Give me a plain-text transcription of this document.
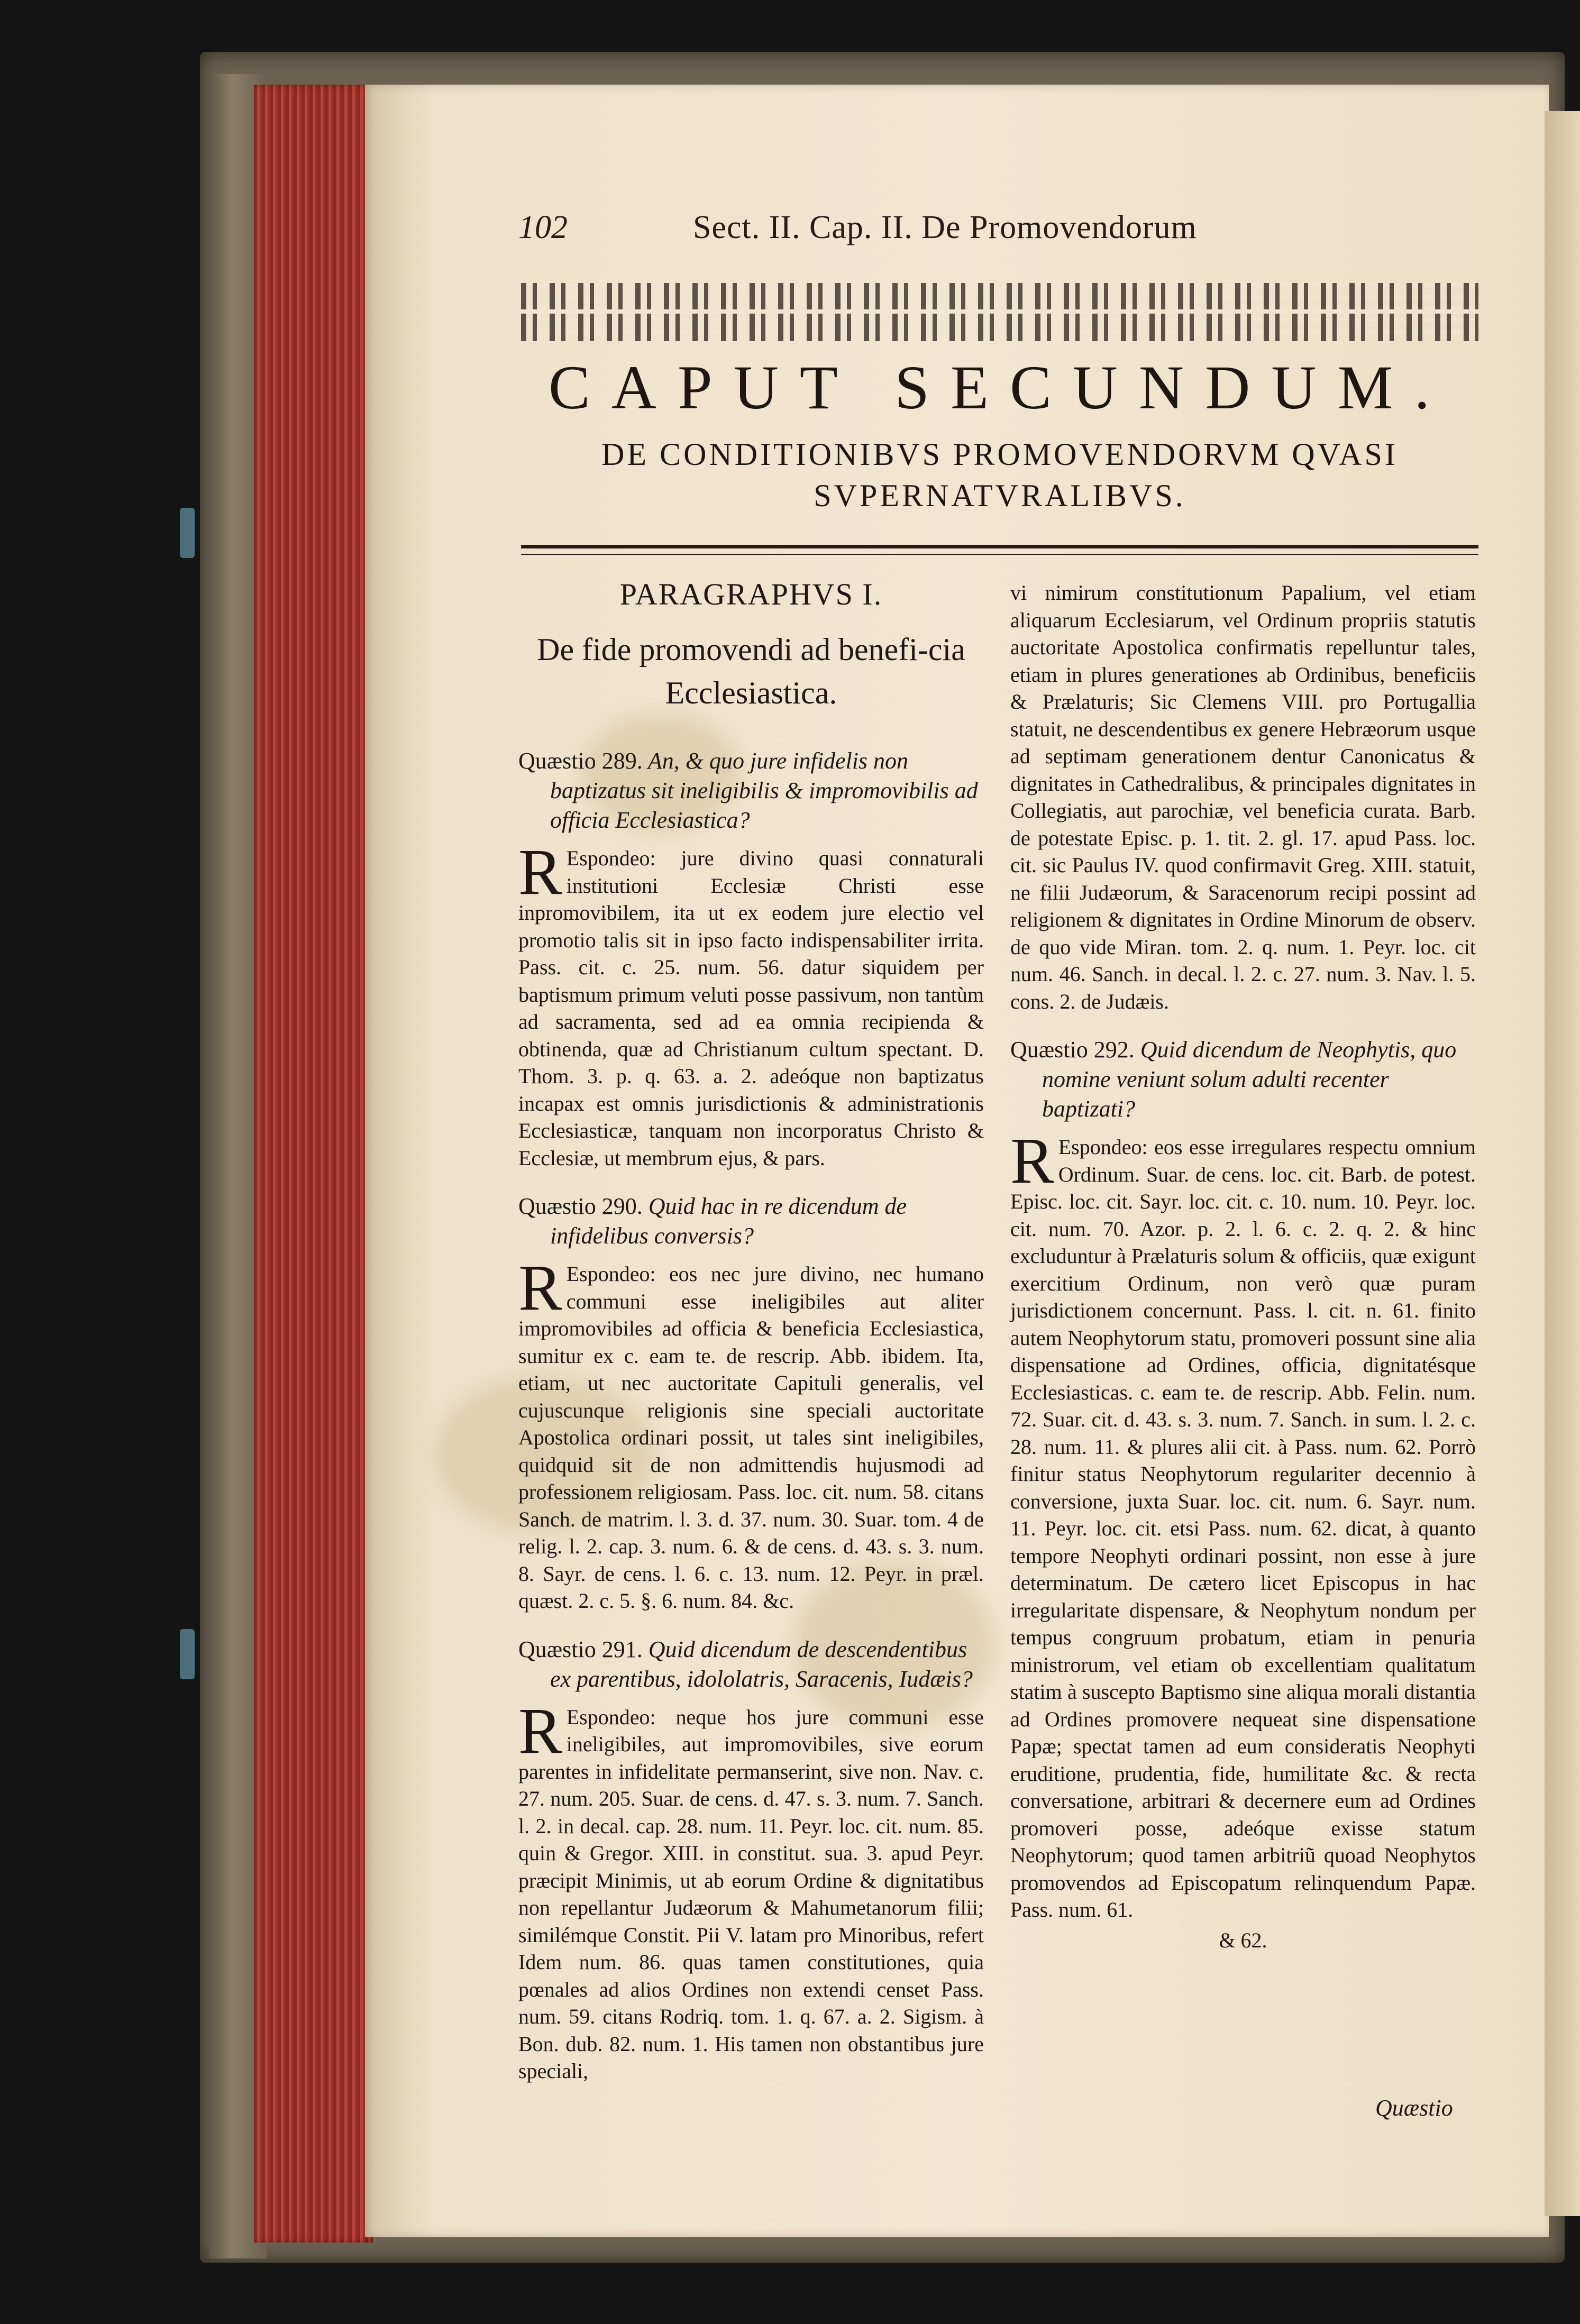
102	Sect. II. Cap. II. De Promovendorum
CAPUT SECUNDUM.
DE CONDITIONIBVS PROMOVENDORVM QVASI
SVPERNATVRALIBVS.

PARAGRAPHVS I.

De fide promovendi ad benefi-cia Ecclesiastica.

Quæstio 289. An, & quo jure infidelis non baptizatus sit ineligibilis & impromovibilis ad officia Ecclesiastica?

R Espondeo: jure divino quasi connaturali institutioni Ecclesiæ Christi esse inpromovibilem, ita ut ex eodem jure electio vel promotio talis sit in ipso facto indispensabiliter irrita. Pass. cit. c. 25. num. 56. datur siquidem per baptismum primum veluti posse passivum, non tantùm ad sacramenta, sed ad ea omnia recipienda & obtinenda, quæ ad Christianum cultum spectant. D. Thom. 3. p. q. 63. a. 2. adeóque non baptizatus incapax est omnis jurisdictionis & administrationis Ecclesiasticæ, tanquam non incorporatus Christo & Ecclesiæ, ut membrum ejus, & pars.

Quæstio 290. Quid hac in re dicendum de infidelibus conversis?

R Espondeo: eos nec jure divino, nec humano communi esse ineligibiles aut aliter impromovibiles ad officia & beneficia Ecclesiastica, sumitur ex c. eam te. de rescrip. Abb. ibidem. Ita, etiam, ut nec auctoritate Capituli generalis, vel cujuscunque religionis sine speciali auctoritate Apostolica ordinari possit, ut tales sint ineligibiles, quidquid sit de non admittendis hujusmodi ad professionem religiosam. Pass. loc. cit. num. 58. citans Sanch. de matrim. l. 3. d. 37. num. 30. Suar. tom. 4 de relig. l. 2. cap. 3. num. 6. & de cens. d. 43. s. 3. num. 8. Sayr. de cens. l. 6. c. 13. num. 12. Peyr. in præl. quæst. 2. c. 5. §. 6. num. 84. &c.

Quæstio 291. Quid dicendum de descendentibus ex parentibus, idololatris, Saracenis, Iudæis?

R Espondeo: neque hos jure communi esse ineligibiles, aut impromovibiles, sive eorum parentes in infidelitate permanserint, sive non. Nav. c. 27. num. 205. Suar. de cens. d. 47. s. 3. num. 7. Sanch. l. 2. in decal. cap. 28. num. 11. Peyr. loc. cit. num. 85. quin & Gregor. XIII. in constitut. sua. 3. apud Peyr. præcipit Minimis, ut ab eorum Ordine & dignitatibus non repellantur Judæorum & Mahumetanorum filii; similémque Constit. Pii V. latam pro Minoribus, refert Idem num. 86. quas tamen constitutiones, quia pœnales ad alios Ordines non extendi censet Pass. num. 59. citans Rodriq. tom. 1. q. 67. a. 2. Sigism. à Bon. dub. 82. num. 1. His tamen non obstantibus jure speciali,

vi nimirum constitutionum Papalium, vel etiam aliquarum Ecclesiarum, vel Ordinum propriis statutis auctoritate Apostolica confirmatis repelluntur tales, etiam in plures generationes ab Ordinibus, beneficiis & Prælaturis; Sic Clemens VIII. pro Portugallia statuit, ne descendentibus ex genere Hebræorum usque ad septimam generationem dentur Canonicatus & dignitates in Cathedralibus, & principales dignitates in Collegiatis, aut parochiæ, vel beneficia curata. Barb. de potestate Episc. p. 1. tit. 2. gl. 17. apud Pass. loc. cit. sic Paulus IV. quod confirmavit Greg. XIII. statuit, ne filii Judæorum, & Saracenorum recipi possint ad religionem & dignitates in Ordine Minorum de observ. de quo vide Miran. tom. 2. q. num. 1. Peyr. loc. cit num. 46. Sanch. in decal. l. 2. c. 27. num. 3. Nav. l. 5. cons. 2. de Judæis.

Quæstio 292. Quid dicendum de Neophytis, quo nomine veniunt solum adulti recenter baptizati?

R Espondeo: eos esse irregulares respectu omnium Ordinum. Suar. de cens. loc. cit. Barb. de potest. Episc. loc. cit. Sayr. loc. cit. c. 10. num. 10. Peyr. loc. cit. num. 70. Azor. p. 2. l. 6. c. 2. q. 2. & hinc excluduntur à Prælaturis solum & officiis, quæ exigunt exercitium Ordinum, non verò quæ puram jurisdictionem concernunt. Pass. l. cit. n. 61. finito autem Neophytorum statu, promoveri possunt sine alia dispensatione ad Ordines, officia, dignitatésque Ecclesiasticas. c. eam te. de rescrip. Abb. Felin. num. 72. Suar. cit. d. 43. s. 3. num. 7. Sanch. in sum. l. 2. c. 28. num. 11. & plures alii cit. à Pass. num. 62. Porrò finitur status Neophytorum regulariter decennio à conversione, juxta Suar. loc. cit. num. 6. Sayr. num. 11. Peyr. loc. cit. etsi Pass. num. 62. dicat, à quanto tempore Neophyti ordinari possint, non esse à jure determinatum. De cætero licet Episcopus in hac irregularitate dispensare, & Neophytum nondum per tempus congruum probatum, etiam in penuria ministrorum, vel etiam ob excellentiam qualitatum statim à suscepto Baptismo sine aliqua morali distantia ad Ordines promovere nequeat sine dispensatione Papæ; spectat tamen ad eum consideratis Neophyti eruditione, prudentia, fide, humilitate &c. & recta conversatione, arbitrari & decernere eum ad Ordines promoveri posse, adeóque exisse statum Neophytorum; quod tamen arbitriũ quoad Neophytos promovendos ad Episcopatum relinquendum Papæ. Pass. num. 61.

& 62.

Quæstio
